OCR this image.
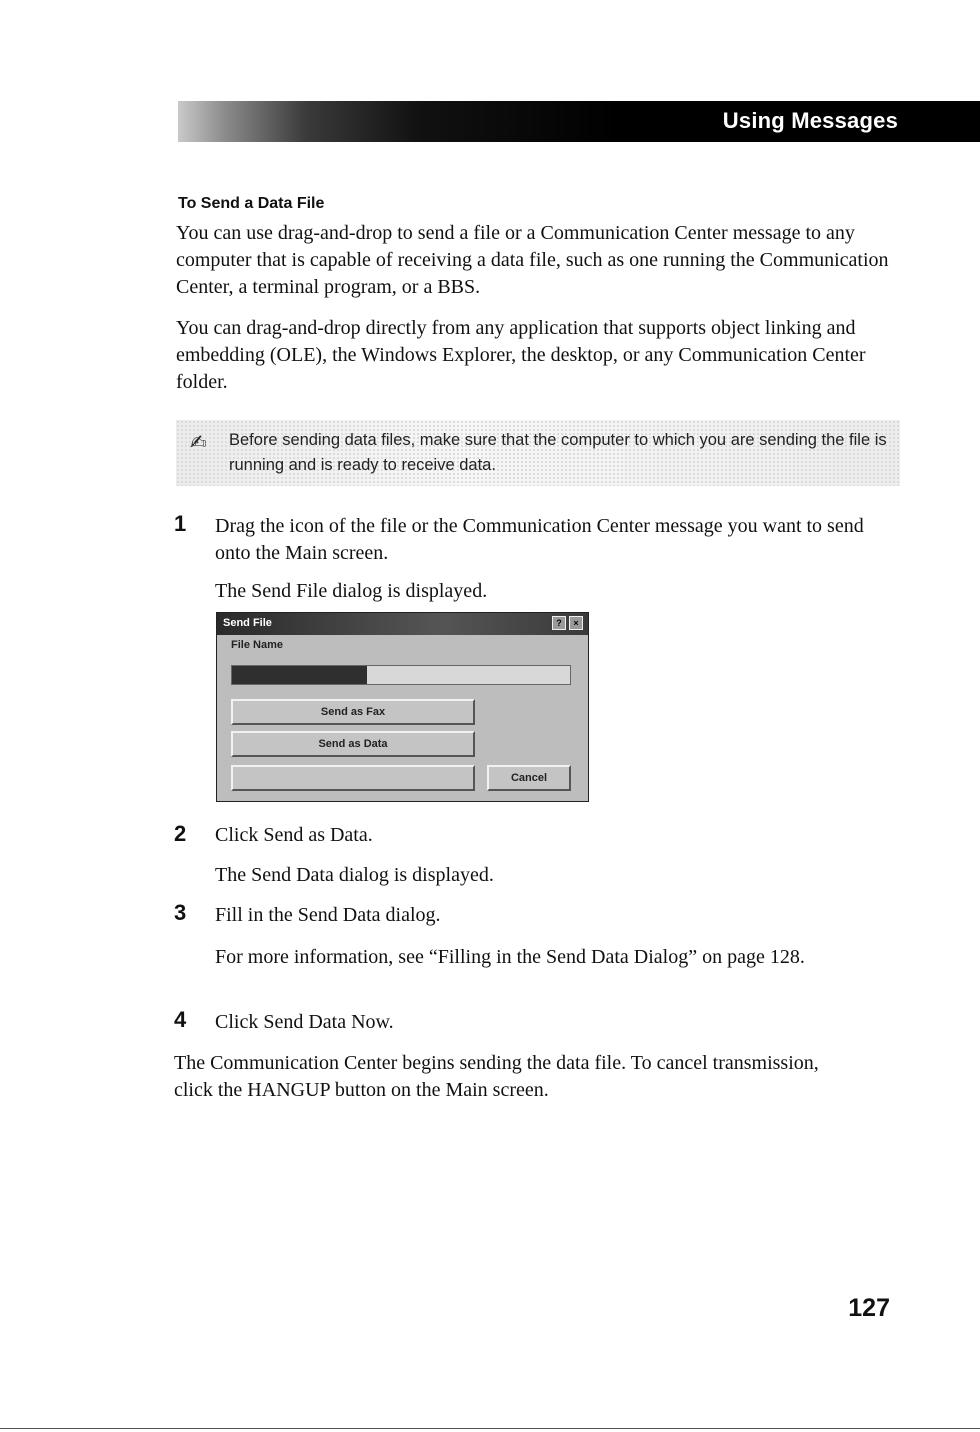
Using Messages
To Send a Data File

You can use drag-and-drop to send a file or a Communication Center message to any computer that is capable of receiving a data file, such as one running the Communication Center, a terminal program, or a BBS.

You can drag-and-drop directly from any application that supports object linking and embedding (OLE), the Windows Explorer, the desktop, or any Communication Center folder.

✍ Before sending data files, make sure that the computer to which you are sending the file is running and is ready to receive data.
1 Drag the icon of the file or the Communication Center message you want to send onto the Main screen.

The Send File dialog is displayed.

Send File	?	×
File Name
Send as Fax
Send as Data
Cancel
2 Click Send as Data.

The Send Data dialog is displayed.

3 Fill in the Send Data dialog.

For more information, see “Filling in the Send Data Dialog” on page 128.

4 Click Send Data Now.

The Communication Center begins sending the data file. To cancel transmission, click the HANGUP button on the Main screen.

127
